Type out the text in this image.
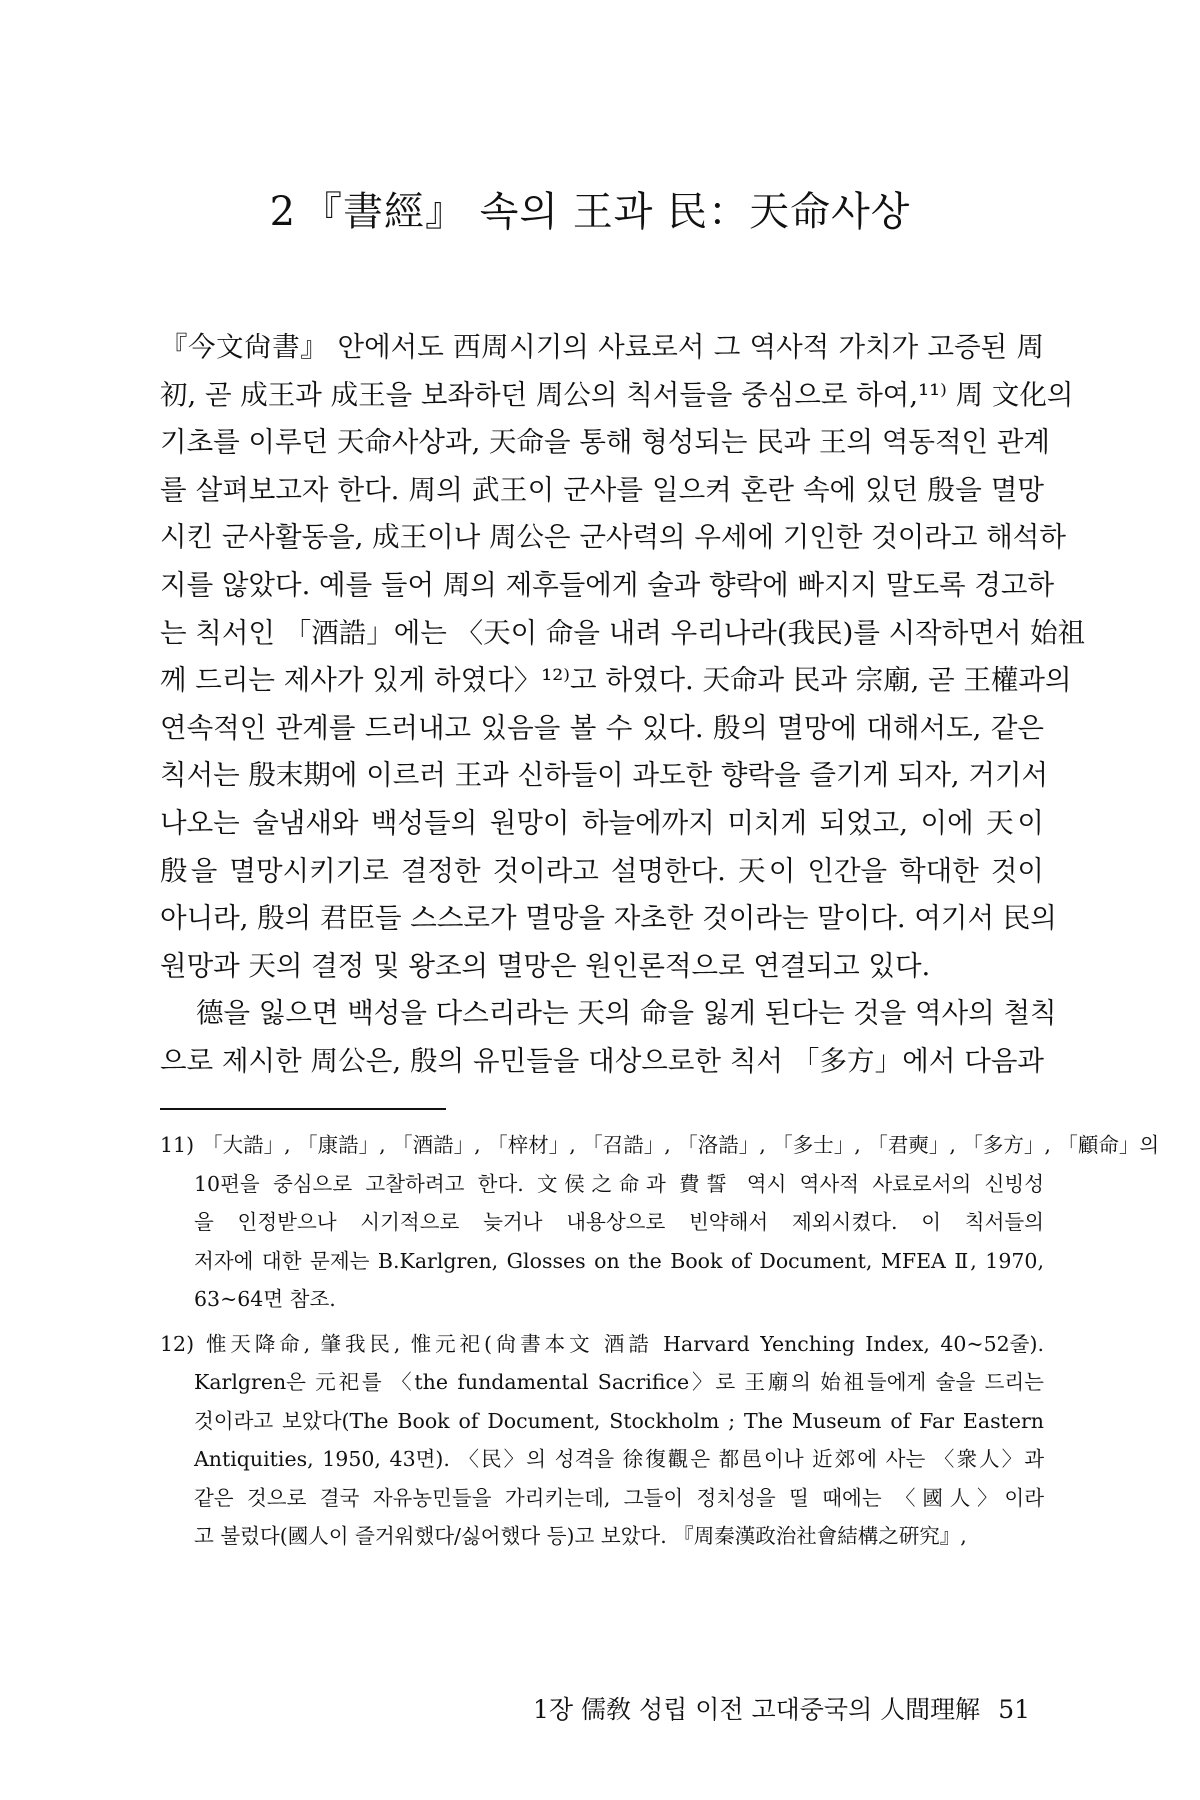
2 『書經』 속의 王과 民：天命사상
『今文尙書』 안에서도 西周시기의 사료로서 그 역사적 가치가 고증된 周
初, 곧 成王과 成王을 보좌하던 周公의 칙서들을 중심으로 하여,¹¹⁾ 周 文化의
기초를 이루던 天命사상과, 天命을 통해 형성되는 民과 王의 역동적인 관계
를 살펴보고자 한다. 周의 武王이 군사를 일으켜 혼란 속에 있던 殷을 멸망
시킨 군사활동을, 成王이나 周公은 군사력의 우세에 기인한 것이라고 해석하
지를 않았다. 예를 들어 周의 제후들에게 술과 향락에 빠지지 말도록 경고하
는 칙서인 「酒誥」에는 〈天이 命을 내려 우리나라(我民)를 시작하면서 始祖
께 드리는 제사가 있게 하였다〉¹²⁾고 하였다. 天命과 民과 宗廟, 곧 王權과의
연속적인 관계를 드러내고 있음을 볼 수 있다. 殷의 멸망에 대해서도, 같은
칙서는 殷末期에 이르러 王과 신하들이 과도한 향락을 즐기게 되자, 거기서
나오는 술냄새와 백성들의 원망이 하늘에까지 미치게 되었고, 이에 天이
殷을 멸망시키기로 결정한 것이라고 설명한다. 天이 인간을 학대한 것이
아니라, 殷의 君臣들 스스로가 멸망을 자초한 것이라는 말이다. 여기서 民의
원망과 天의 결정 및 왕조의 멸망은 원인론적으로 연결되고 있다.
德을 잃으면 백성을 다스리라는 天의 命을 잃게 된다는 것을 역사의 철칙
으로 제시한 周公은, 殷의 유민들을 대상으로한 칙서 「多方」에서 다음과
11) 「大誥」, 「康誥」, 「酒誥」, 「梓材」, 「召誥」, 「洛誥」, 「多士」, 「君奭」, 「多方」, 「顧命」의
10편을 중심으로 고찰하려고 한다. 文侯之命과 費誓 역시 역사적 사료로서의 신빙성
을 인정받으나 시기적으로 늦거나 내용상으로 빈약해서 제외시켰다. 이 칙서들의
저자에 대한 문제는 B.Karlgren, Glosses on the Book of Document, MFEA Ⅱ, 1970,
63~64면 참조.
12) 惟天降命, 肇我民, 惟元祀(尙書本文 酒誥 Harvard Yenching Index, 40~52줄).
Karlgren은 元祀를 〈the fundamental Sacrifice〉로 王廟의 始祖들에게 술을 드리는
것이라고 보았다(The Book of Document, Stockholm ; The Museum of Far Eastern
Antiquities, 1950, 43면). 〈民〉의 성격을 徐復觀은 都邑이나 近郊에 사는 〈衆人〉과
같은 것으로 결국 자유농민들을 가리키는데, 그들이 정치성을 띨 때에는 〈國人〉이라
고 불렀다(國人이 즐거워했다/싫어했다 등)고 보았다. 『周秦漢政治社會結構之硏究』,
1장 儒敎 성립 이전 고대중국의 人間理解 51
